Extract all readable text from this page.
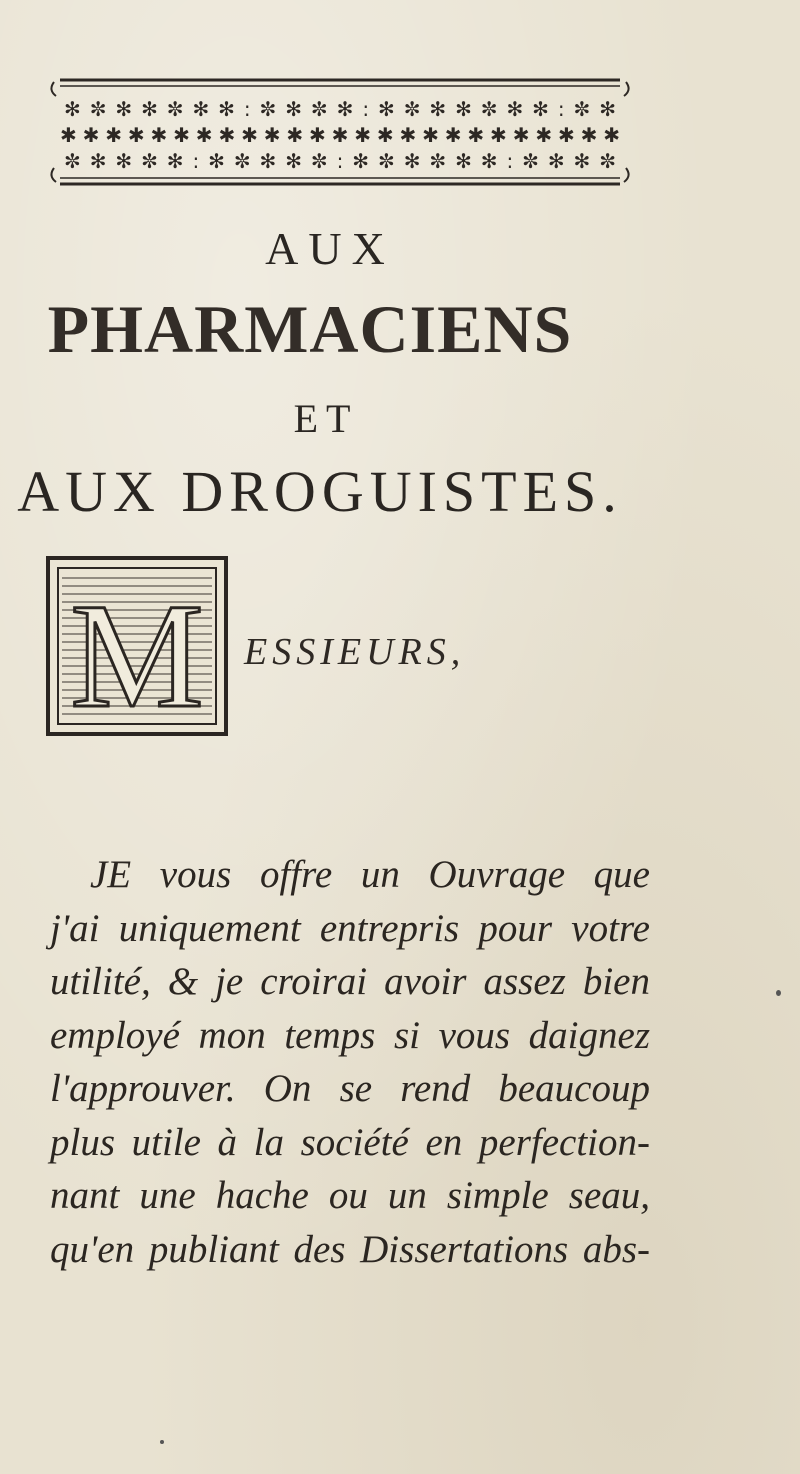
✻✼✻✻✼✻✻:✼✻✼✻:✻✼✻✻✼✻✻:✼✻
✱✱✱✱✱✱✱✱✱✱✱✱✱✱✱✱✱✱✱✱✱✱✱✱✱
✼✻✻✼✻:✻✼✻✻✼:✻✼✻✼✻✻:✼✻✻✼
AUX
PHARMACIENS
ET
AUX DROGUISTES.
M ESSIEURS,
JE vous offre un Ouvrage que
j'ai uniquement entrepris pour votre
utilité, & je croirai avoir assez bien
employé mon temps si vous daignez
l'approuver. On se rend beaucoup
plus utile à la société en perfection-
nant une hache ou un simple seau,
qu'en publiant des Dissertations abs-
